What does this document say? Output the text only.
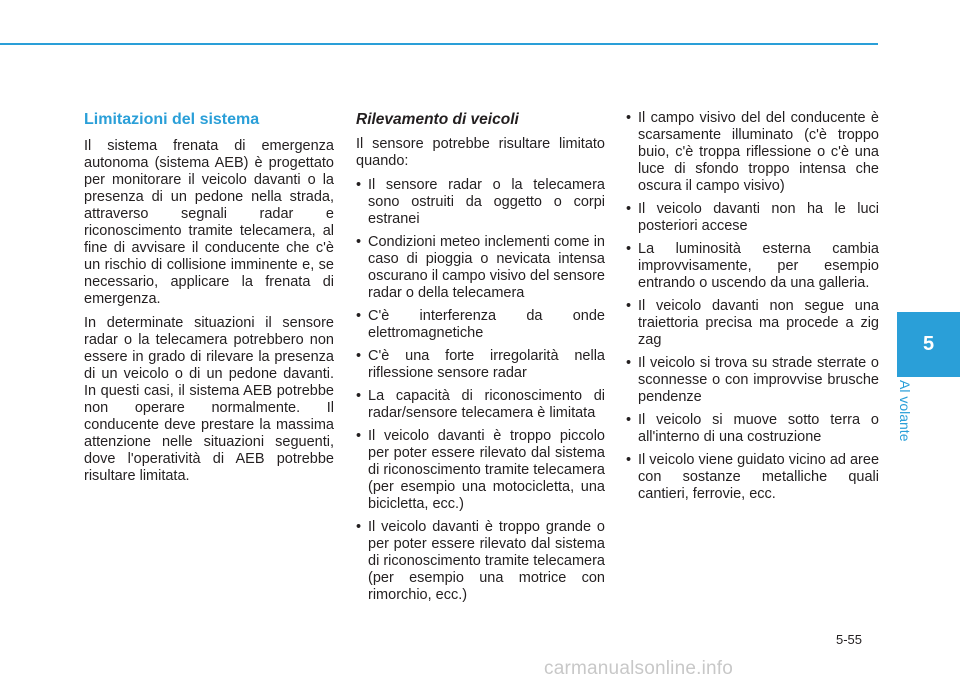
5
Al volante
Limitazioni del sistema

Il sistema frenata di emergenza autonoma (sistema AEB) è progettato per monitorare il veicolo davanti o la presenza di un pedone nella strada, attraverso segnali radar e riconoscimento tramite telecamera, al fine di avvisare il conducente che c'è un rischio di collisione imminente e, se necessario, applicare la frenata di emergenza.

In determinate situazioni il sensore radar o la telecamera potrebbero non essere in grado di rilevare la presenza di un veicolo o di un pedone davanti. In questi casi, il sistema AEB potrebbe non operare normalmente. Il conducente deve prestare la massima attenzione nelle situazioni seguenti, dove l'operatività di AEB potrebbe risultare limitata.

Rilevamento di veicoli

Il sensore potrebbe risultare limitato quando:

• Il sensore radar o la telecamera sono ostruiti da oggetto o corpi estranei
• Condizioni meteo inclementi come in caso di pioggia o nevicata intensa oscurano il campo visivo del sensore radar o della telecamera
• C'è interferenza da onde elettromagnetiche
• C'è una forte irregolarità nella riflessione sensore radar
• La capacità di riconoscimento di radar/sensore telecamera è limitata
• Il veicolo davanti è troppo piccolo per poter essere rilevato dal sistema di riconoscimento tramite telecamera (per esempio una motocicletta, una bicicletta, ecc.)
• Il veicolo davanti è troppo grande o per poter essere rilevato dal sistema di riconoscimento tramite telecamera (per esempio una motrice con rimorchio, ecc.)
• Il campo visivo del del conducente è scarsamente illuminato (c'è troppo buio, c'è troppa riflessione o c'è una luce di sfondo troppo intensa che oscura il campo visivo)
• Il veicolo davanti non ha le luci posteriori accese
• La luminosità esterna cambia improvvisamente, per esempio entrando o uscendo da una galleria.
• Il veicolo davanti non segue una traiettoria precisa ma procede a zig zag
• Il veicolo si trova su strade sterrate o sconnesse o con improvvise brusche pendenze
• Il veicolo si muove sotto terra o all'interno di una costruzione
• Il veicolo viene guidato vicino ad aree con sostanze metalliche quali cantieri, ferrovie, ecc.
5-55
carmanualsonline.info
